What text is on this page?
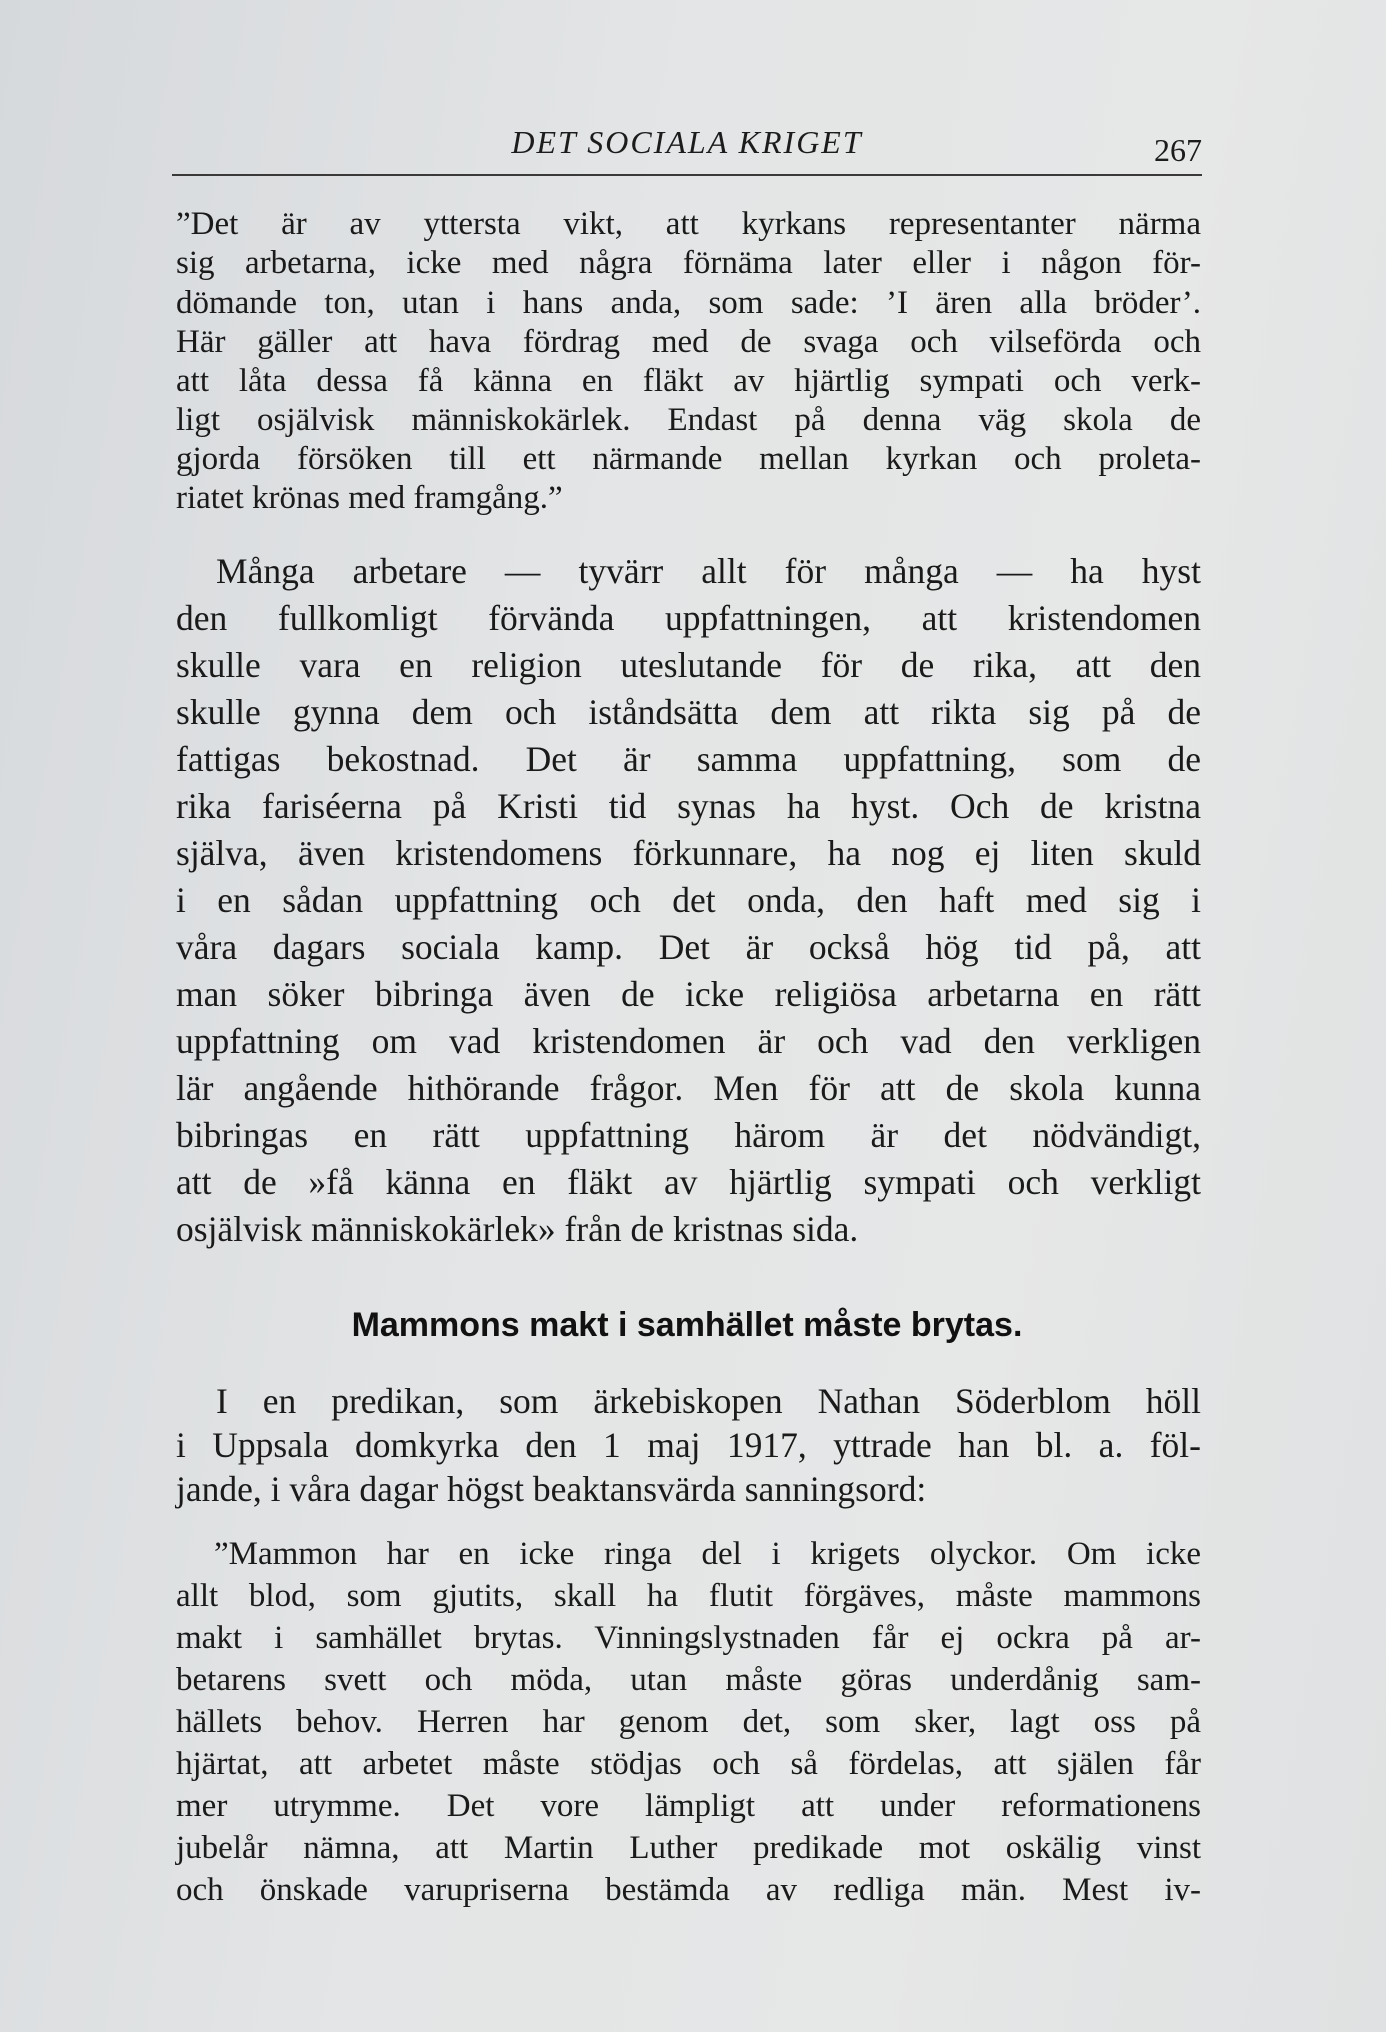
DET SOCIALA KRIGET	267
”Det är av yttersta vikt, att kyrkans representanter närma
sig arbetarna, icke med några förnäma later eller i någon för-
dömande ton, utan i hans anda, som sade: ’I ären alla bröder’.
Här gäller att hava fördrag med de svaga och vilseförda och
att låta dessa få känna en fläkt av hjärtlig sympati och verk-
ligt osjälvisk människokärlek. Endast på denna väg skola de
gjorda försöken till ett närmande mellan kyrkan och proleta-
riatet krönas med framgång.”
Många arbetare — tyvärr allt för många — ha hyst
den fullkomligt förvända uppfattningen, att kristendomen
skulle vara en religion uteslutande för de rika, att den
skulle gynna dem och iståndsätta dem att rikta sig på de
fattigas bekostnad. Det är samma uppfattning, som de
rika fariséerna på Kristi tid synas ha hyst. Och de kristna
själva, även kristendomens förkunnare, ha nog ej liten skuld
i en sådan uppfattning och det onda, den haft med sig i
våra dagars sociala kamp. Det är också hög tid på, att
man söker bibringa även de icke religiösa arbetarna en rätt
uppfattning om vad kristendomen är och vad den verkligen
lär angående hithörande frågor. Men för att de skola kunna
bibringas en rätt uppfattning härom är det nödvändigt,
att de »få känna en fläkt av hjärtlig sympati och verkligt
osjälvisk människokärlek» från de kristnas sida.
Mammons makt i samhället måste brytas.
I en predikan, som ärkebiskopen Nathan Söderblom höll
i Uppsala domkyrka den 1 maj 1917, yttrade han bl. a. föl-
jande, i våra dagar högst beaktansvärda sanningsord:
”Mammon har en icke ringa del i krigets olyckor. Om icke
allt blod, som gjutits, skall ha flutit förgäves, måste mammons
makt i samhället brytas. Vinningslystnaden får ej ockra på ar-
betarens svett och möda, utan måste göras underdånig sam-
hällets behov. Herren har genom det, som sker, lagt oss på
hjärtat, att arbetet måste stödjas och så fördelas, att själen får
mer utrymme. Det vore lämpligt att under reformationens
jubelår nämna, att Martin Luther predikade mot oskälig vinst
och önskade varupriserna bestämda av redliga män. Mest iv-
